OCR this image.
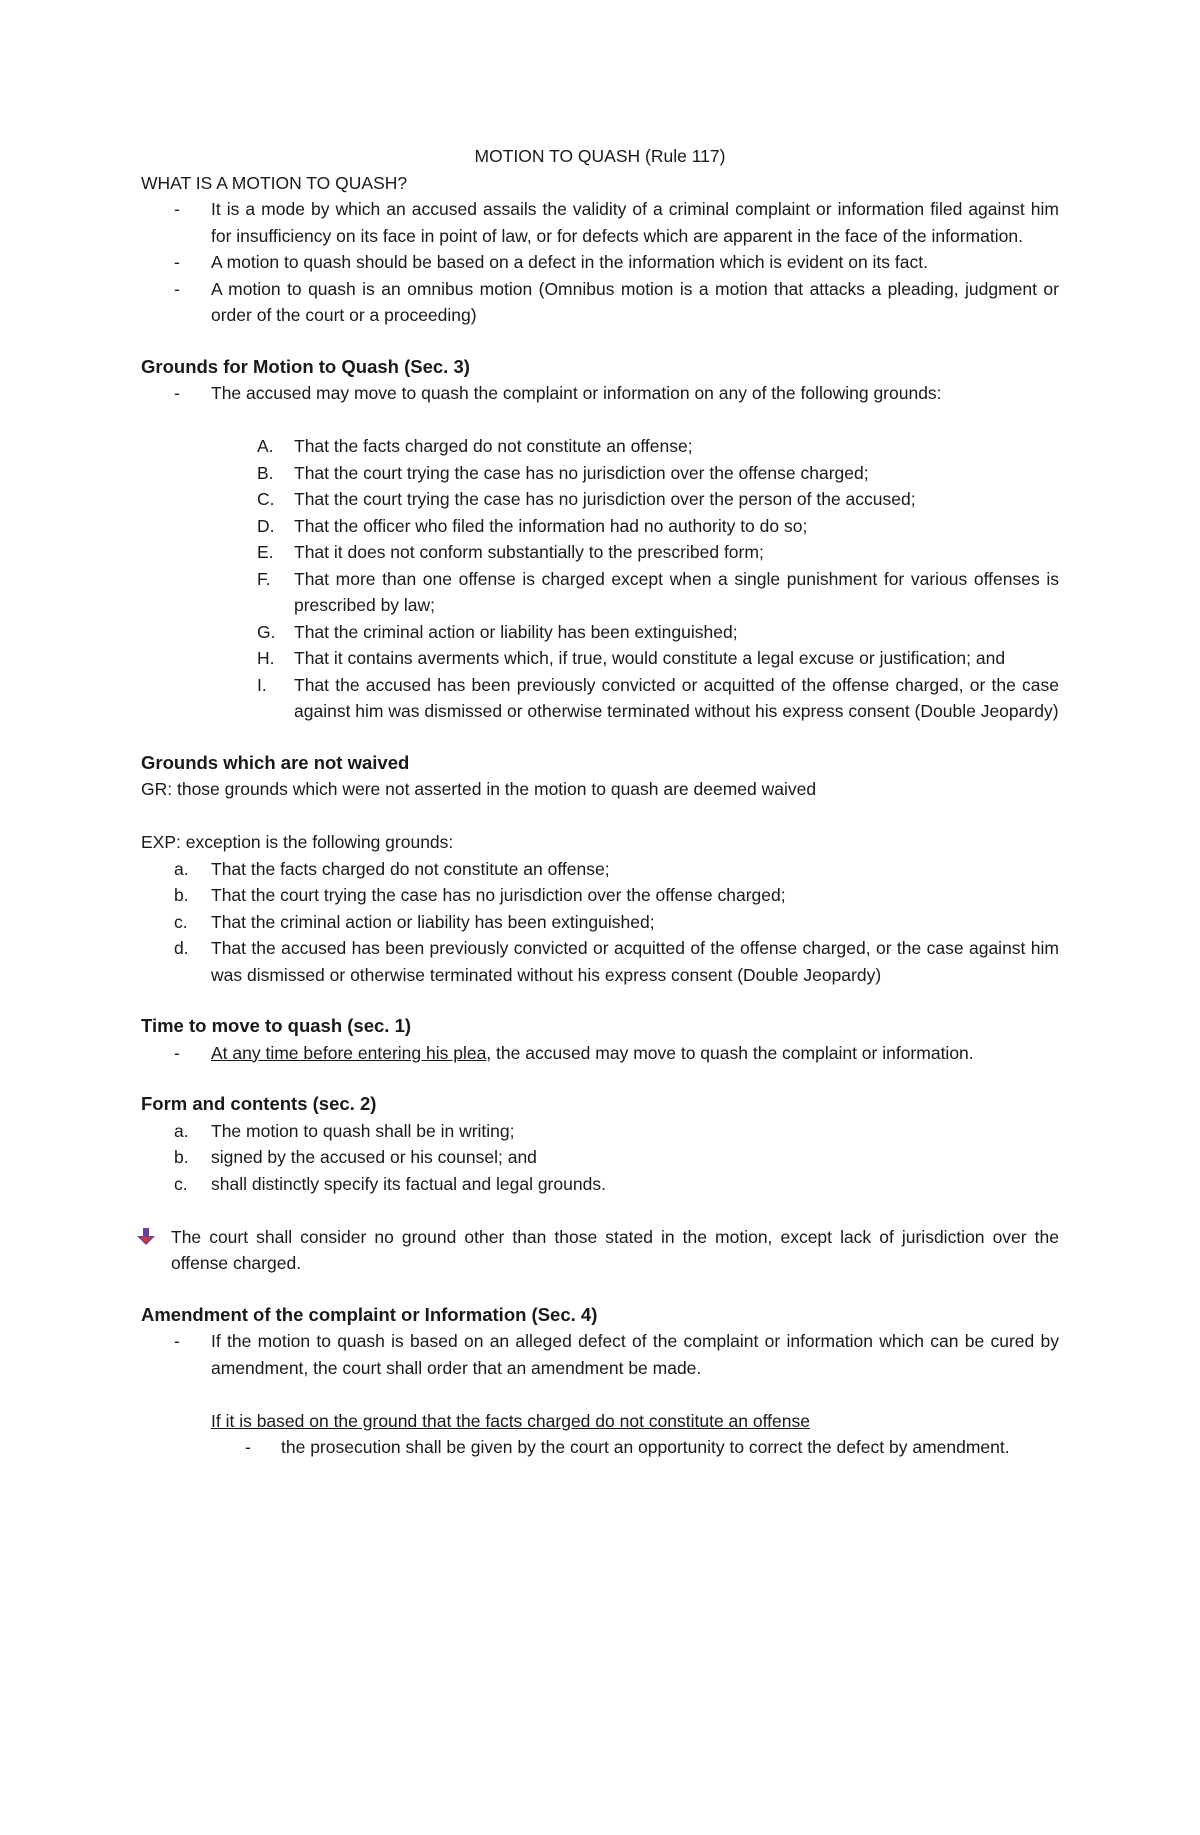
MOTION TO QUASH (Rule 117)

WHAT IS A MOTION TO QUASH?

- It is a mode by which an accused assails the validity of a criminal complaint or information filed against him for insufficiency on its face in point of law, or for defects which are apparent in the face of the information.
- A motion to quash should be based on a defect in the information which is evident on its fact.
- A motion to quash is an omnibus motion (Omnibus motion is a motion that attacks a pleading, judgment or order of the court or a proceeding)

Grounds for Motion to Quash (Sec. 3)

- The accused may move to quash the complaint or information on any of the following grounds:
A. That the facts charged do not constitute an offense;
B. That the court trying the case has no jurisdiction over the offense charged;
C. That the court trying the case has no jurisdiction over the person of the accused;
D. That the officer who filed the information had no authority to do so;
E. That it does not conform substantially to the prescribed form;
F. That more than one offense is charged except when a single punishment for various offenses is prescribed by law;
G. That the criminal action or liability has been extinguished;
H. That it contains averments which, if true, would constitute a legal excuse or justification; and
I. That the accused has been previously convicted or acquitted of the offense charged, or the case against him was dismissed or otherwise terminated without his express consent (Double Jeopardy)

Grounds which are not waived

GR: those grounds which were not asserted in the motion to quash are deemed waived

EXP: exception is the following grounds:

a. That the facts charged do not constitute an offense;
b. That the court trying the case has no jurisdiction over the offense charged;
c. That the criminal action or liability has been extinguished;
d. That the accused has been previously convicted or acquitted of the offense charged, or the case against him was dismissed or otherwise terminated without his express consent (Double Jeopardy)

Time to move to quash (sec. 1)

- At any time before entering his plea, the accused may move to quash the complaint or information.

Form and contents (sec. 2)

a. The motion to quash shall be in writing;
b. signed by the accused or his counsel; and
c. shall distinctly specify its factual and legal grounds.

The court shall consider no ground other than those stated in the motion, except lack of jurisdiction over the offense charged.

Amendment of the complaint or Information (Sec. 4)

- If the motion to quash is based on an alleged defect of the complaint or information which can be cured by amendment, the court shall order that an amendment be made.

If it is based on the ground that the facts charged do not constitute an offense

- the prosecution shall be given by the court an opportunity to correct the defect by amendment.
